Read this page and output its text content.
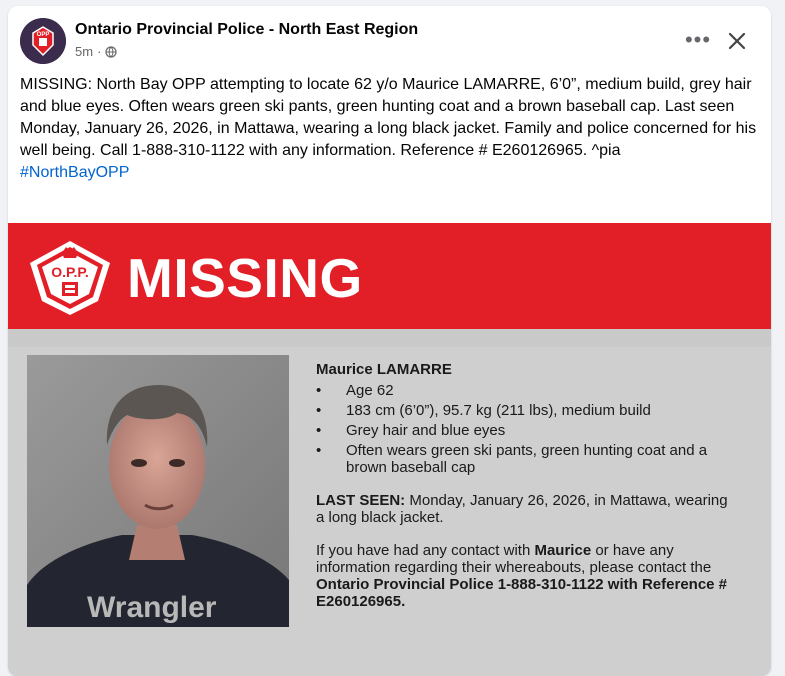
OPP Ontario Provincial Police - North East Region
5m ·	•••
MISSING: North Bay OPP attempting to locate 62 y/o Maurice LAMARRE, 6’0”, medium build, grey hair and blue eyes. Often wears green ski pants, green hunting coat and a brown baseball cap. Last seen Monday, January 26, 2026, in Mattawa, wearing a long black jacket. Family and police concerned for his well being. Call 1-888-310-1122 with any information. Reference # E260126965. ^pia
#NorthBayOPP
O.P.P. MISSING
Wrangler
Maurice LAMARRE
• Age 62
• 183 cm (6’0”), 95.7 kg (211 lbs), medium build
• Grey hair and blue eyes
• Often wears green ski pants, green hunting coat and a brown baseball cap

LAST SEEN: Monday, January 26, 2026, in Mattawa, wearing a long black jacket.

If you have had any contact with Maurice or have any information regarding their whereabouts, please contact the Ontario Provincial Police 1-888-310-1122 with Reference # E260126965.
